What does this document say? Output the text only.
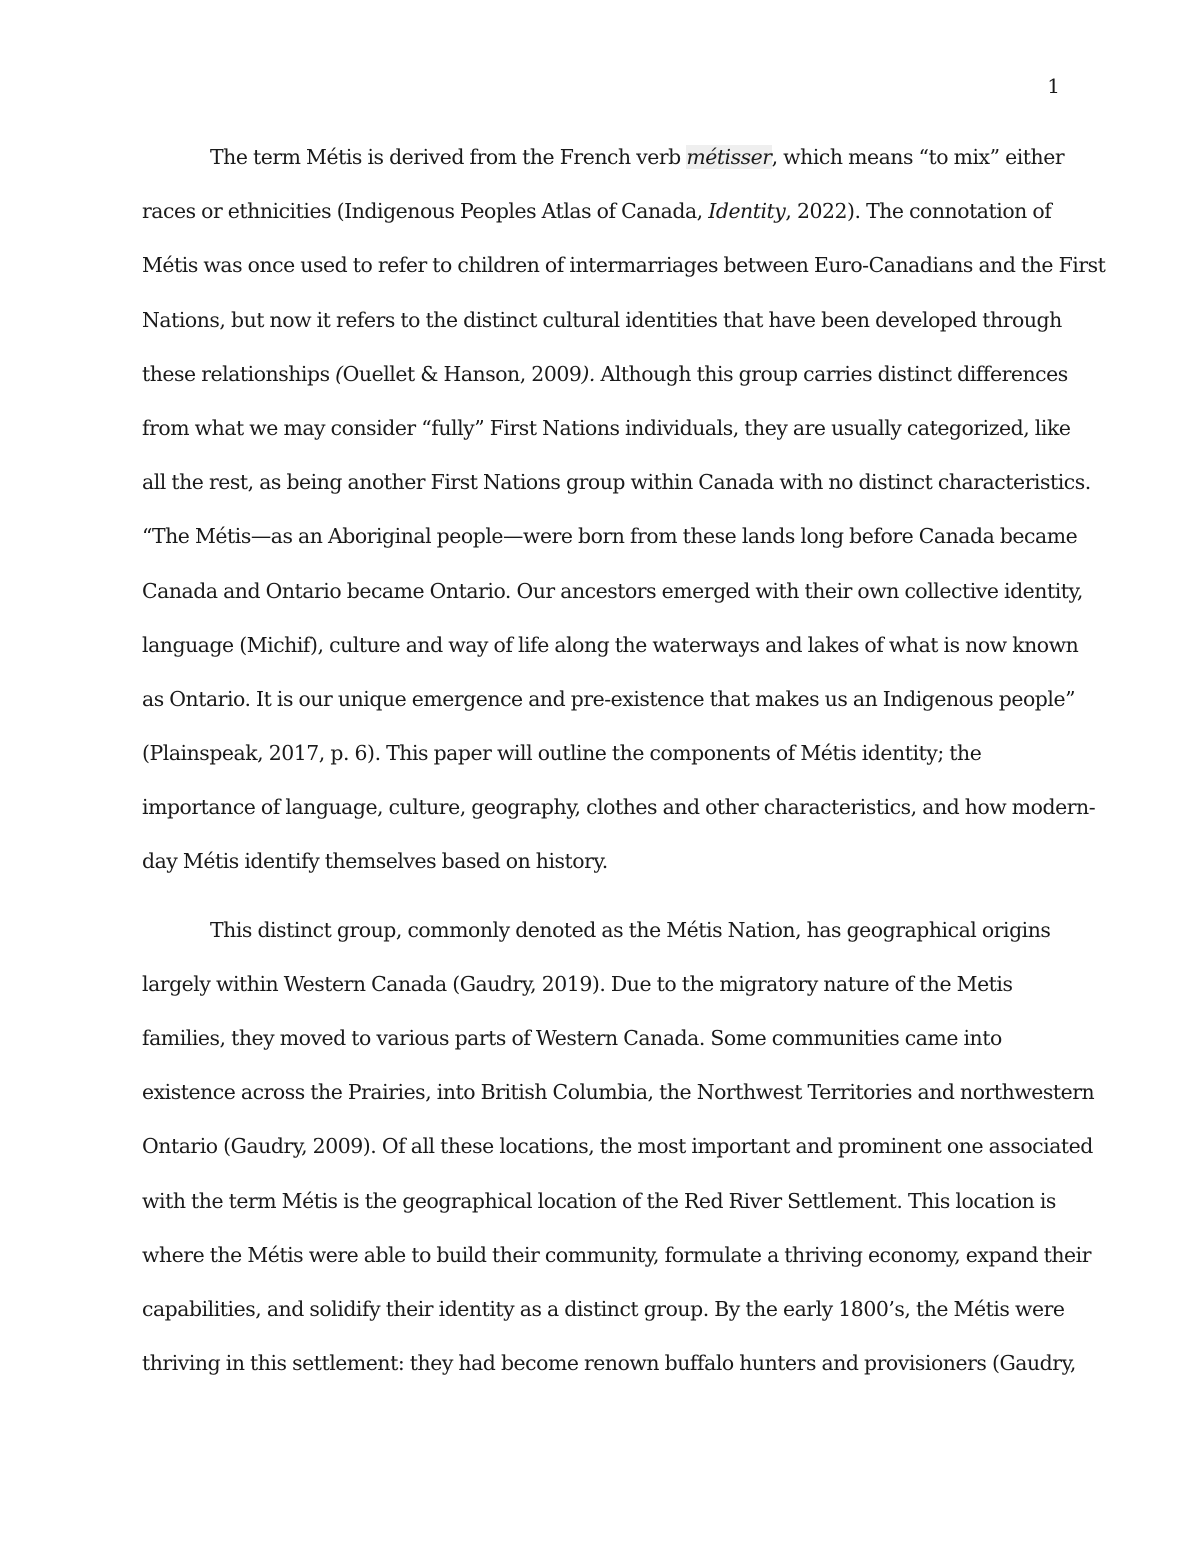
1
The term Métis is derived from the French verb métisser, which means “to mix” either
races or ethnicities (Indigenous Peoples Atlas of Canada, Identity, 2022). The connotation of
Métis was once used to refer to children of intermarriages between Euro-Canadians and the First
Nations, but now it refers to the distinct cultural identities that have been developed through
these relationships (Ouellet & Hanson, 2009). Although this group carries distinct differences
from what we may consider “fully” First Nations individuals, they are usually categorized, like
all the rest, as being another First Nations group within Canada with no distinct characteristics.
“The Métis—as an Aboriginal people—were born from these lands long before Canada became
Canada and Ontario became Ontario. Our ancestors emerged with their own collective identity,
language (Michif), culture and way of life along the waterways and lakes of what is now known
as Ontario. It is our unique emergence and pre-existence that makes us an Indigenous people”
(Plainspeak, 2017, p. 6). This paper will outline the components of Métis identity; the
importance of language, culture, geography, clothes and other characteristics, and how modern-
day Métis identify themselves based on history.
This distinct group, commonly denoted as the Métis Nation, has geographical origins
largely within Western Canada (Gaudry, 2019). Due to the migratory nature of the Metis
families, they moved to various parts of Western Canada. Some communities came into
existence across the Prairies, into British Columbia, the Northwest Territories and northwestern
Ontario (Gaudry, 2009). Of all these locations, the most important and prominent one associated
with the term Métis is the geographical location of the Red River Settlement. This location is
where the Métis were able to build their community, formulate a thriving economy, expand their
capabilities, and solidify their identity as a distinct group. By the early 1800’s, the Métis were
thriving in this settlement: they had become renown buffalo hunters and provisioners (Gaudry,
